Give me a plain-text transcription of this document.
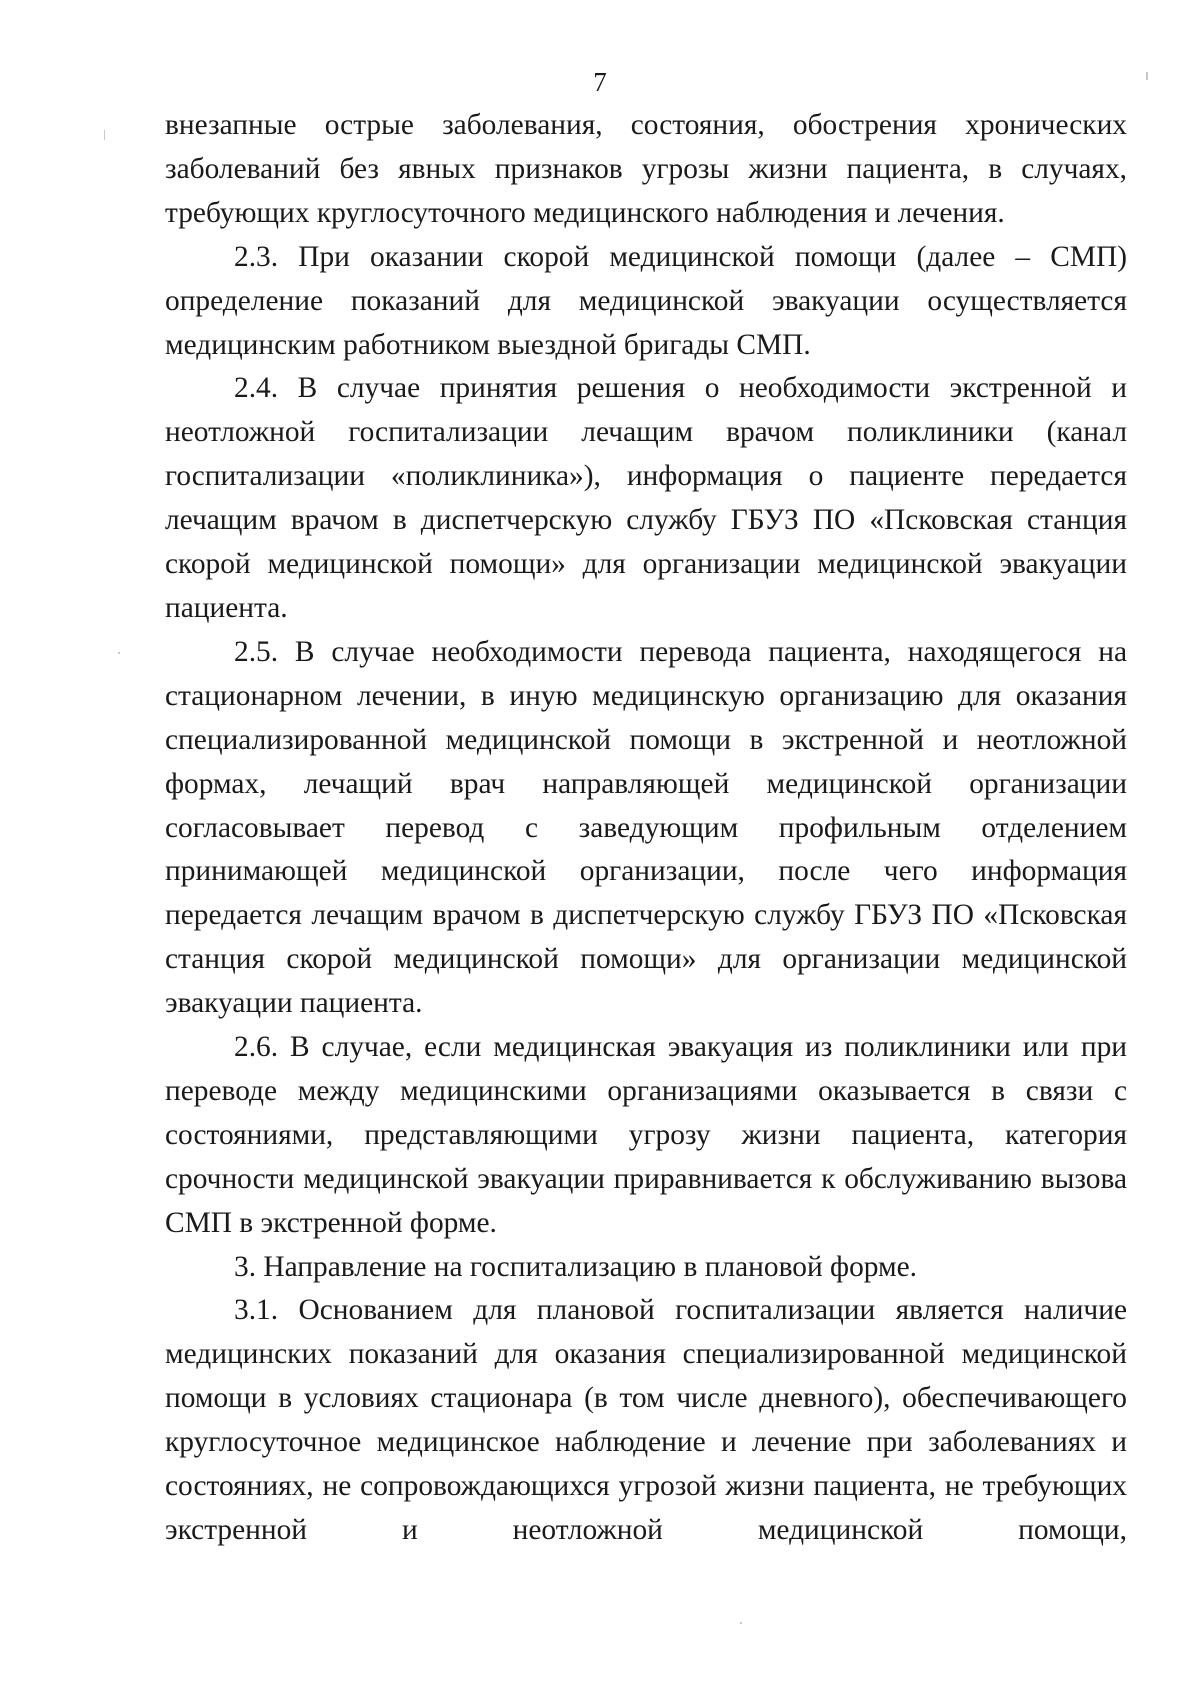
7

внезапные острые заболевания, состояния, обострения хронических заболеваний без явных признаков угрозы жизни пациента, в случаях, требующих круглосуточного медицинского наблюдения и лечения.

2.3. При оказании скорой медицинской помощи (далее – СМП) определение показаний для медицинской эвакуации осуществляется медицинским работником выездной бригады СМП.

2.4. В случае принятия решения о необходимости экстренной и неотложной госпитализации лечащим врачом поликлиники (канал госпитализации «поликлиника»), информация о пациенте передается лечащим врачом в диспетчерскую службу ГБУЗ ПО «Псковская станция скорой медицинской помощи» для организации медицинской эвакуации пациента.

2.5. В случае необходимости перевода пациента, находящегося на стационарном лечении, в иную медицинскую организацию для оказания специализированной медицинской помощи в экстренной и неотложной формах, лечащий врач направляющей медицинской организации согласовывает перевод с заведующим профильным отделением принимающей медицинской организации, после чего информация передается лечащим врачом в диспетчерскую службу ГБУЗ ПО «Псковская станция скорой медицинской помощи» для организации медицинской эвакуации пациента.

2.6. В случае, если медицинская эвакуация из поликлиники или при переводе между медицинскими организациями оказывается в связи с состояниями, представляющими угрозу жизни пациента, категория срочности медицинской эвакуации приравнивается к обслуживанию вызова СМП в экстренной форме.

3. Направление на госпитализацию в плановой форме.

3.1. Основанием для плановой госпитализации является наличие медицинских показаний для оказания специализированной медицинской помощи в условиях стационара (в том числе дневного), обеспечивающего круглосуточное медицинское наблюдение и лечение при заболеваниях и состояниях, не сопровождающихся угрозой жизни пациента, не требующих экстренной и неотложной медицинской помощи,
